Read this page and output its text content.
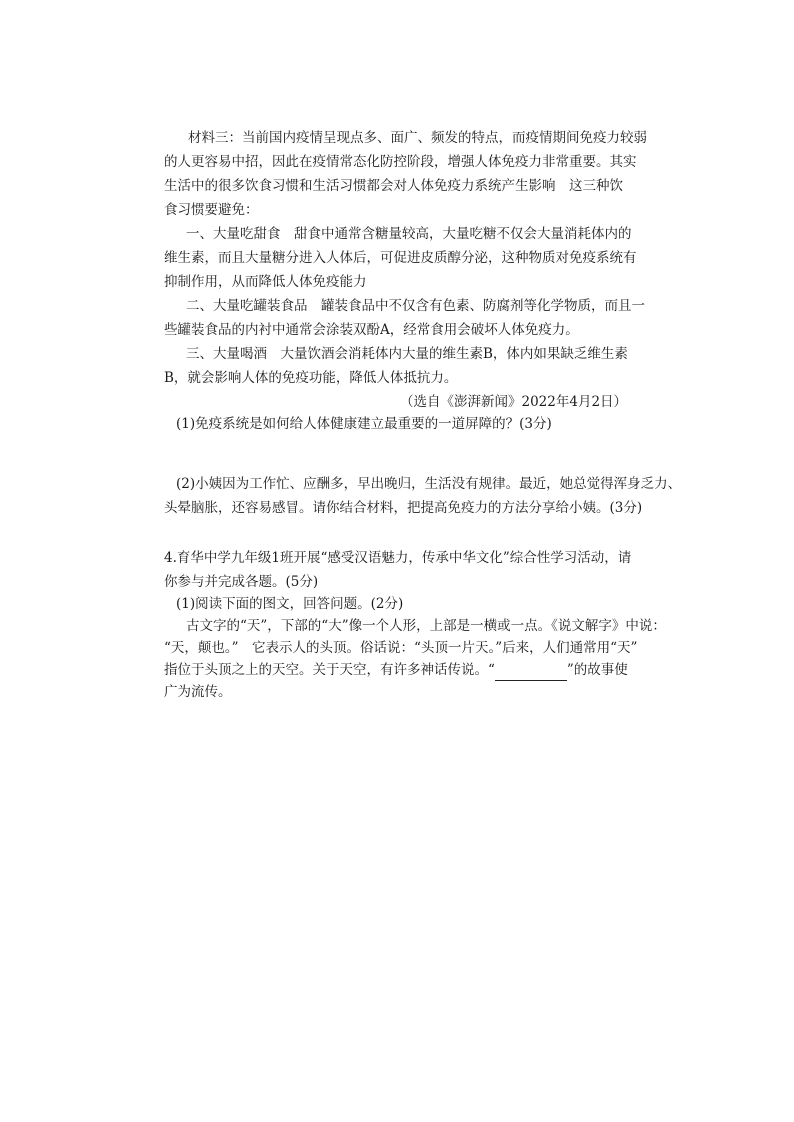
材料三：当前国内疫情呈现点多、面广、频发的特点，而疫情期间免疫力较弱
的人更容易中招，因此在疫情常态化防控阶段，增强人体免疫力非常重要。其实
生活中的很多饮食习惯和生活习惯都会对人体免疫力系统产生影响　这三种饮
食习惯要避免：
一、大量吃甜食　甜食中通常含糖量较高，大量吃糖不仅会大量消耗体内的
维生素，而且大量糖分进入人体后，可促进皮质醇分泌，这种物质对免疫系统有
抑制作用，从而降低人体免疫能力
二、大量吃罐装食品　罐装食品中不仅含有色素、防腐剂等化学物质，而且一
些罐装食品的内衬中通常会涂装双酚A，经常食用会破坏人体免疫力。
三、大量喝酒　大量饮酒会消耗体内大量的维生素B，体内如果缺乏维生素
B，就会影响人体的免疫功能，降低人体抵抗力。
（选自《澎湃新闻》2022年4月2日）
(1)免疫系统是如何给人体健康建立最重要的一道屏障的？(3分)
(2)小姨因为工作忙、应酬多，早出晚归，生活没有规律。最近，她总觉得浑身乏力、
头晕脑胀，还容易感冒。请你结合材料，把提高免疫力的方法分享给小姨。(3分)
4.育华中学九年级1班开展“感受汉语魅力，传承中华文化”综合性学习活动，请
你参与并完成各题。(5分)
(1)阅读下面的图文，回答问题。(2分)
古文字的“天”，下部的“大”像一个人形，上部是一横或一点。《说文解字》中说：
“天，颠也。”　它表示人的头顶。俗话说：“头顶一片天。”后来，人们通常用“天”
指位于头顶之上的天空。关于天空，有许多神话传说。“	”的故事使
广为流传。
